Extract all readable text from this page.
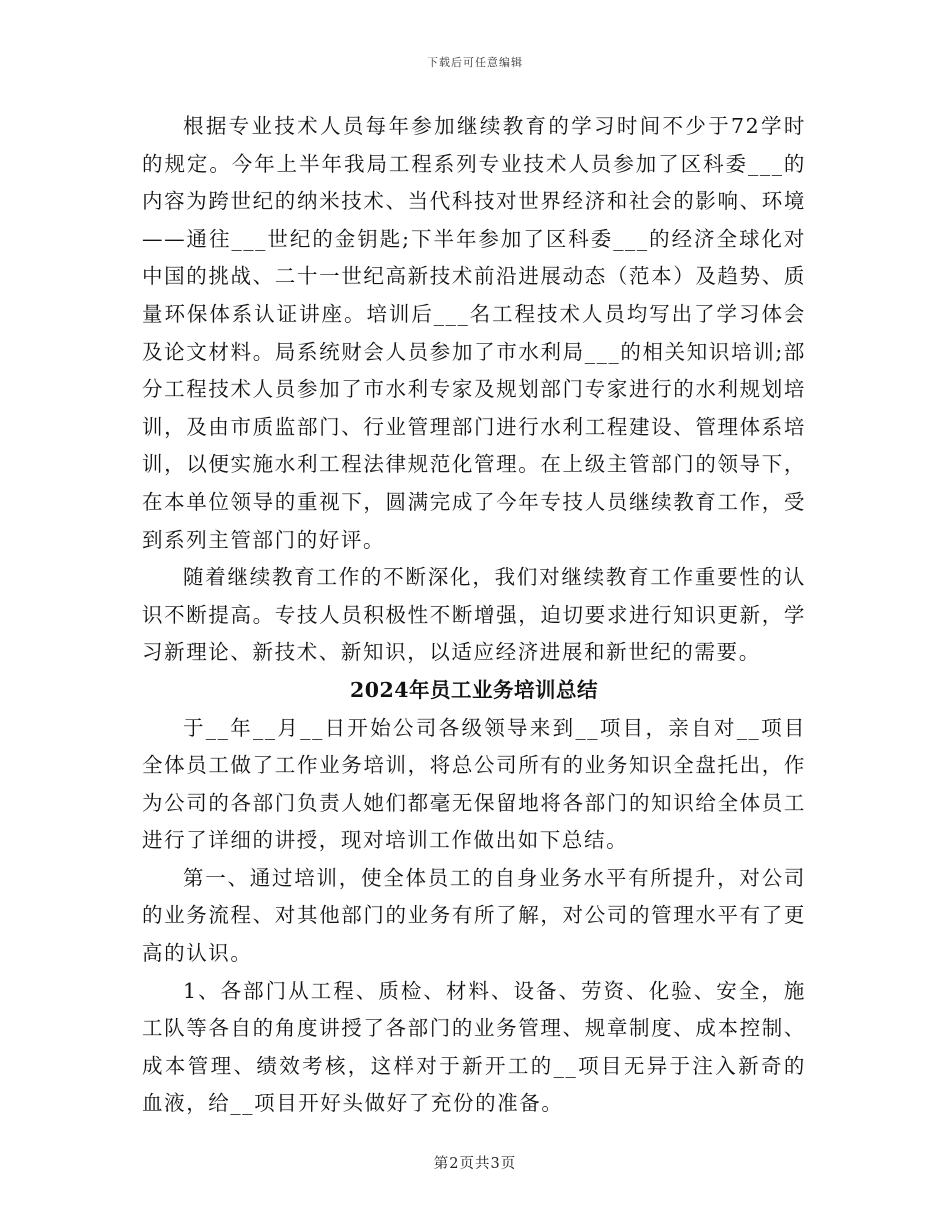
下载后可任意编辑

根据专业技术人员每年参加继续教育的学习时间不少于72学时的规定。今年上半年我局工程系列专业技术人员参加了区科委___的内容为跨世纪的纳米技术、当代科技对世界经济和社会的影响、环境——通往___世纪的金钥匙;下半年参加了区科委___的经济全球化对中国的挑战、二十一世纪高新技术前沿进展动态（范本）及趋势、质量环保体系认证讲座。培训后___名工程技术人员均写出了学习体会及论文材料。局系统财会人员参加了市水利局___的相关知识培训;部分工程技术人员参加了市水利专家及规划部门专家进行的水利规划培训，及由市质监部门、行业管理部门进行水利工程建设、管理体系培训，以便实施水利工程法律规范化管理。在上级主管部门的领导下，在本单位领导的重视下，圆满完成了今年专技人员继续教育工作，受到系列主管部门的好评。

随着继续教育工作的不断深化，我们对继续教育工作重要性的认识不断提高。专技人员积极性不断增强，迫切要求进行知识更新，学习新理论、新技术、新知识，以适应经济进展和新世纪的需要。

2024年员工业务培训总结

于__年__月__日开始公司各级领导来到__项目，亲自对__项目全体员工做了工作业务培训，将总公司所有的业务知识全盘托出，作为公司的各部门负责人她们都毫无保留地将各部门的知识给全体员工进行了详细的讲授，现对培训工作做出如下总结。

第一、通过培训，使全体员工的自身业务水平有所提升，对公司的业务流程、对其他部门的业务有所了解，对公司的管理水平有了更高的认识。

1、各部门从工程、质检、材料、设备、劳资、化验、安全，施工队等各自的角度讲授了各部门的业务管理、规章制度、成本控制、成本管理、绩效考核，这样对于新开工的__项目无异于注入新奇的血液，给__项目开好头做好了充份的准备。

第2页共3页
